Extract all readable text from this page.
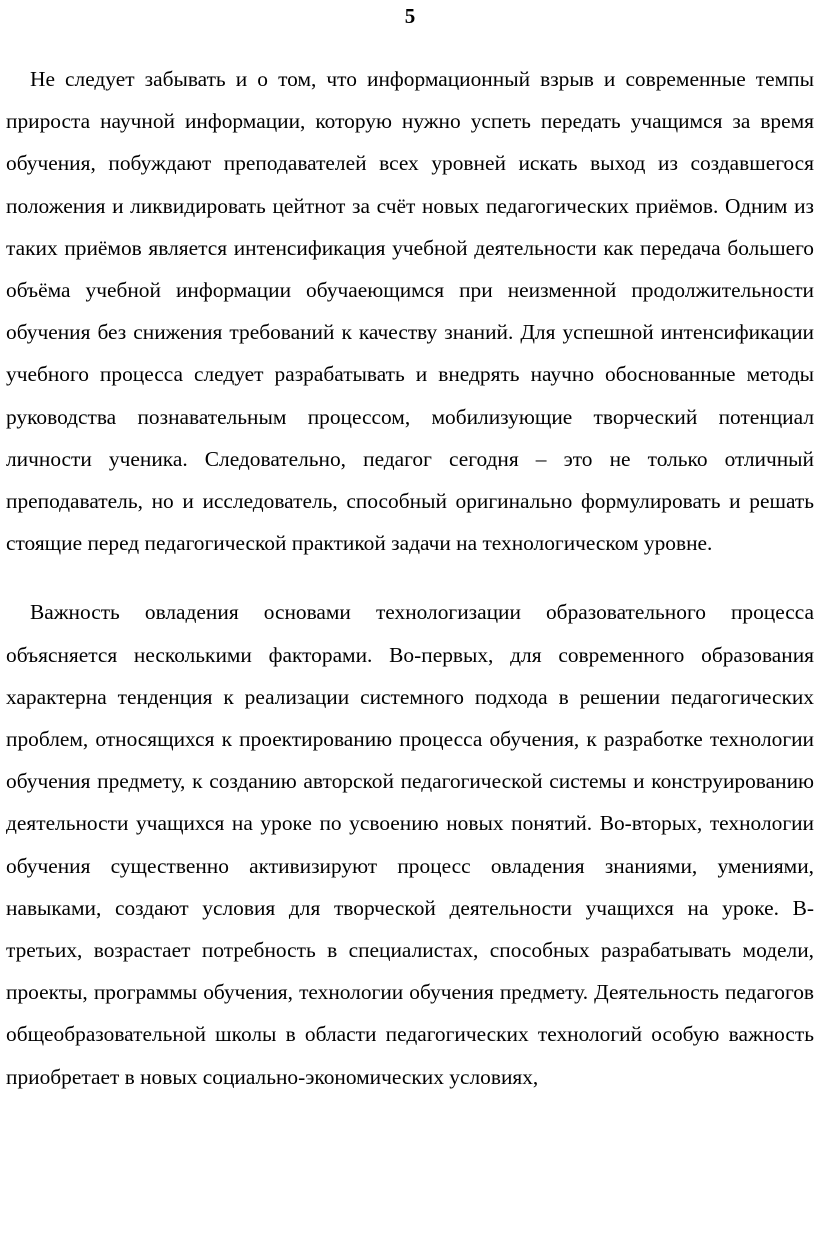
5

Не следует забывать и о том, что информационный взрыв и современные темпы прироста научной информации, которую нужно успеть передать учащимся за время обучения, побуждают преподавателей всех уровней искать выход из создавшегося положения и ликвидировать цейтнот за счёт новых педагогических приёмов. Одним из таких приёмов является интенсификация учебной деятельности как передача большего объёма учебной информации обучаеющимся при неизменной продолжительности обучения без снижения требований к качеству знаний. Для успешной интенсификации учебного процесса следует разрабатывать и внедрять научно обоснованные методы руководства познавательным процессом, мобилизующие творческий потенциал личности ученика. Следовательно, педагог сегодня – это не только отличный преподаватель, но и исследователь, способный оригинально формулировать и решать стоящие перед педагогической практикой задачи на технологическом уровне.

Важность овладения основами технологизации образовательного процесса объясняется несколькими факторами. Во-первых, для современного образования характерна тенденция к реализации системного подхода в решении педагогических проблем, относящихся к проектированию процесса обучения, к разработке технологии обучения предмету, к созданию авторской педагогической системы и конструированию деятельности учащихся на уроке по усвоению новых понятий. Во-вторых, технологии обучения существенно активизируют процесс овладения знаниями, умениями, навыками, создают условия для творческой деятельности учащихся на уроке. В-третьих, возрастает потребность в специалистах, способных разрабатывать модели, проекты, программы обучения, технологии обучения предмету. Деятельность педагогов общеобразовательной школы в области педагогических технологий особую важность приобретает в новых социально-экономических условиях,
